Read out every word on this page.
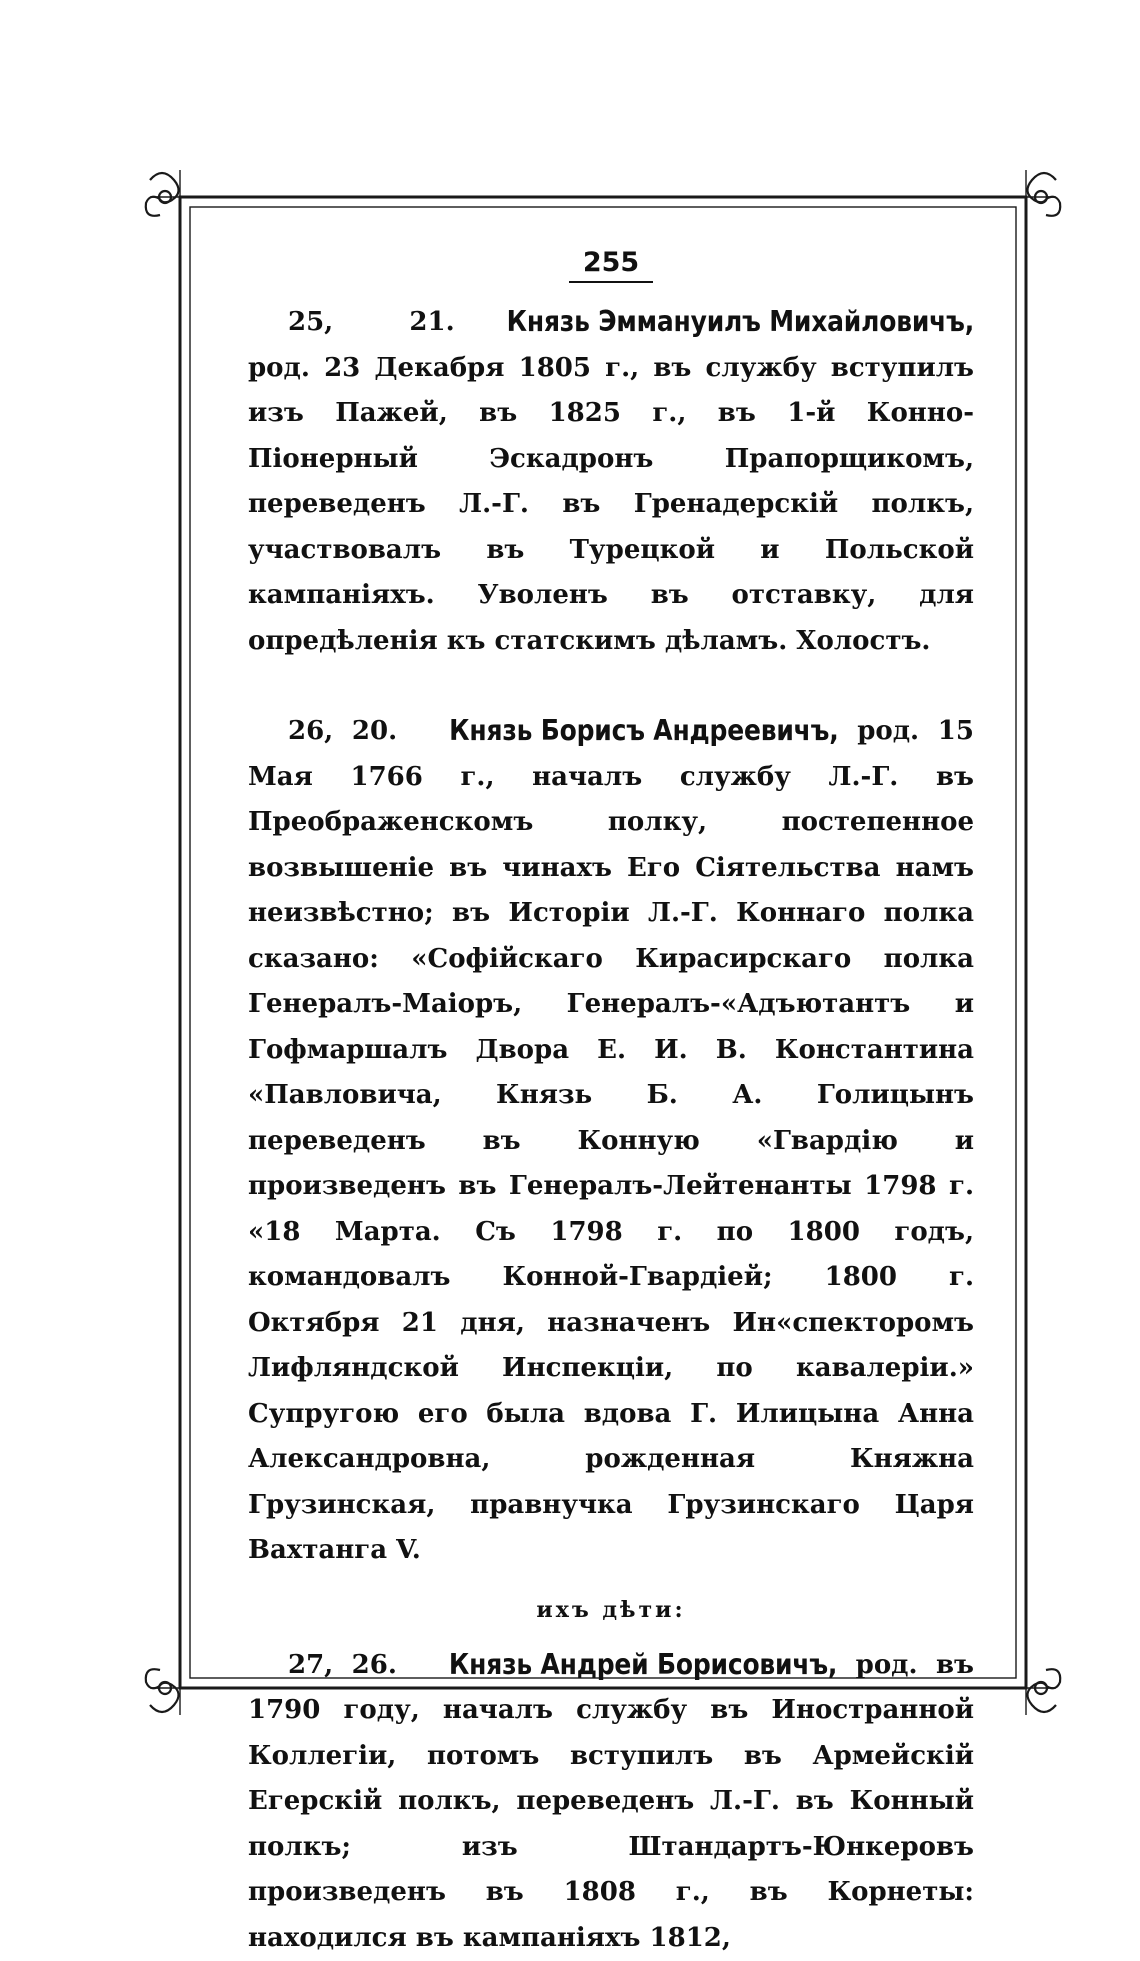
255

25, 21. Князь Эммануилъ Михайловичъ, род. 23 Декабря 1805 г., въ службу вступилъ изъ Пажей, въ 1825 г., въ 1-й Конно-Піонерный Эскадронъ Прапорщикомъ, переведенъ Л.-Г. въ Гренадерскій полкъ, участвовалъ въ Турецкой и Польской кампаніяхъ. Уволенъ въ отставку, для опредѣленія къ статскимъ дѣламъ. Холостъ.

26, 20. Князь Борисъ Андреевичъ, род. 15 Мая 1766 г., началъ службу Л.-Г. въ Преображенскомъ полку, постепенное возвышеніе въ чинахъ Его Сіятельства намъ неизвѣстно; въ Исторіи Л.-Г. Коннаго полка сказано: «Софійскаго Кирасирскаго полка Генералъ-Маіоръ, Генералъ-«Адъютантъ и Гофмаршалъ Двора Е. И. В. Константина «Павловича, Князь Б. А. Голицынъ переведенъ въ Конную «Гвардію и произведенъ въ Генералъ-Лейтенанты 1798 г. «18 Марта. Съ 1798 г. по 1800 годъ, командовалъ Конной-Гвардіей; 1800 г. Октября 21 дня, назначенъ Ин«спекторомъ Лифляндской Инспекціи, по кавалеріи.» Супругою его была вдова Г. Илицына Анна Александровна, рожденная Княжна Грузинская, правнучка Грузинскаго Царя Вахтанга V.

ихъ дѣти:

27, 26. Князь Андрей Борисовичъ, род. въ 1790 году, началъ службу въ Иностранной Коллегіи, потомъ вступилъ въ Армейскій Егерскій полкъ, переведенъ Л.-Г. въ Конный полкъ; изъ Штандартъ-Юнкеровъ произведенъ въ 1808 г., въ Корнеты: находился въ кампаніяхъ 1812,
